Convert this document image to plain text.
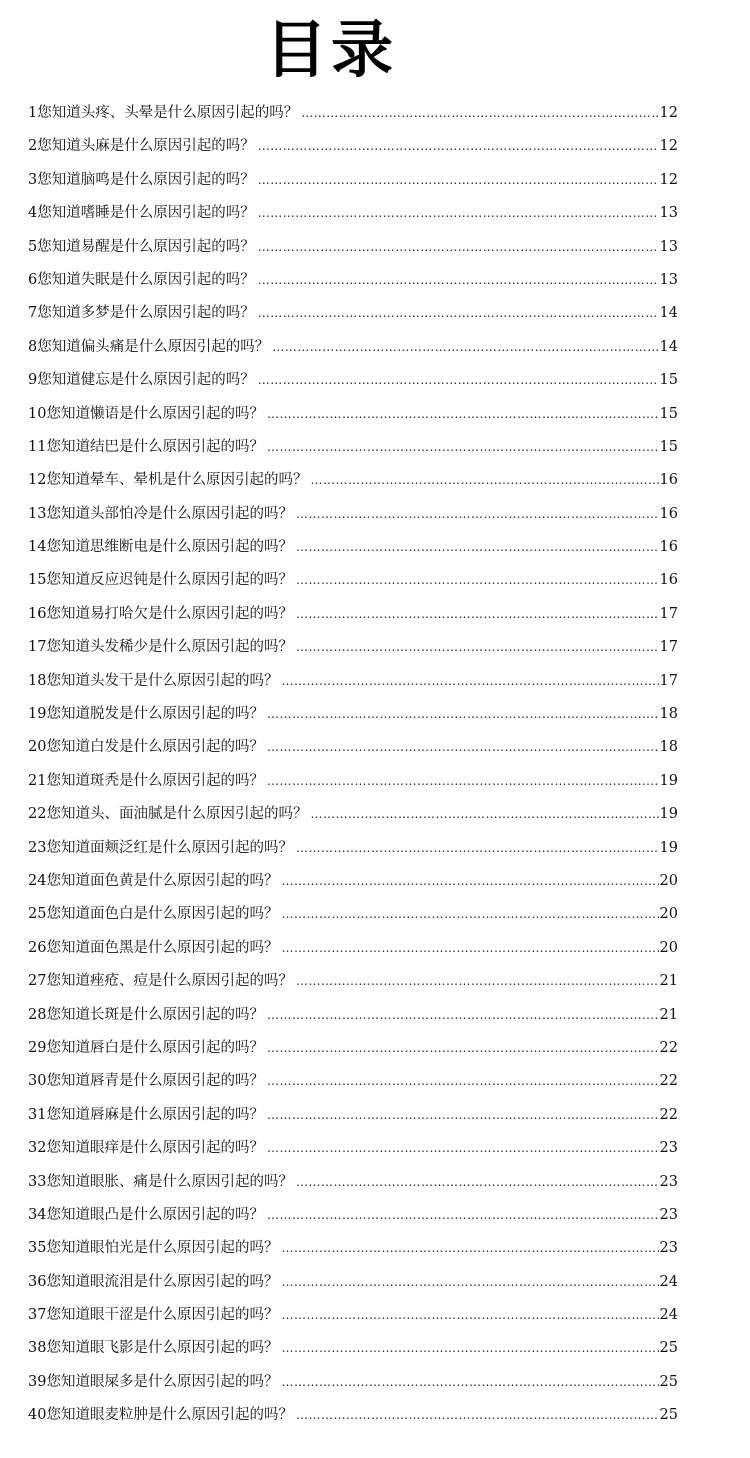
目录
1您知道头疼、头晕是什么原因引起的吗？ …………………………………………………………………………………………………………………………………………………………………………………………………………	12
2您知道头麻是什么原因引起的吗？ …………………………………………………………………………………………………………………………………………………………………………………………………………	12
3您知道脑鸣是什么原因引起的吗？ …………………………………………………………………………………………………………………………………………………………………………………………………………	12
4您知道嗜睡是什么原因引起的吗？ …………………………………………………………………………………………………………………………………………………………………………………………………………	13
5您知道易醒是什么原因引起的吗？ …………………………………………………………………………………………………………………………………………………………………………………………………………	13
6您知道失眠是什么原因引起的吗？ …………………………………………………………………………………………………………………………………………………………………………………………………………	13
7您知道多梦是什么原因引起的吗？ …………………………………………………………………………………………………………………………………………………………………………………………………………	14
8您知道偏头痛是什么原因引起的吗？ …………………………………………………………………………………………………………………………………………………………………………………………………………	14
9您知道健忘是什么原因引起的吗？ …………………………………………………………………………………………………………………………………………………………………………………………………………	15
10您知道懒语是什么原因引起的吗？ …………………………………………………………………………………………………………………………………………………………………………………………………………	15
11您知道结巴是什么原因引起的吗？ …………………………………………………………………………………………………………………………………………………………………………………………………………	15
12您知道晕车、晕机是什么原因引起的吗？ …………………………………………………………………………………………………………………………………………………………………………………………………………	16
13您知道头部怕冷是什么原因引起的吗？ …………………………………………………………………………………………………………………………………………………………………………………………………………	16
14您知道思维断电是什么原因引起的吗？ …………………………………………………………………………………………………………………………………………………………………………………………………………	16
15您知道反应迟钝是什么原因引起的吗？ …………………………………………………………………………………………………………………………………………………………………………………………………………	16
16您知道易打哈欠是什么原因引起的吗？ …………………………………………………………………………………………………………………………………………………………………………………………………………	17
17您知道头发稀少是什么原因引起的吗？ …………………………………………………………………………………………………………………………………………………………………………………………………………	17
18您知道头发干是什么原因引起的吗？ …………………………………………………………………………………………………………………………………………………………………………………………………………	17
19您知道脱发是什么原因引起的吗？ …………………………………………………………………………………………………………………………………………………………………………………………………………	18
20您知道白发是什么原因引起的吗？ …………………………………………………………………………………………………………………………………………………………………………………………………………	18
21您知道斑秃是什么原因引起的吗？ …………………………………………………………………………………………………………………………………………………………………………………………………………	19
22您知道头、面油腻是什么原因引起的吗？ …………………………………………………………………………………………………………………………………………………………………………………………………………	19
23您知道面颊泛红是什么原因引起的吗？ …………………………………………………………………………………………………………………………………………………………………………………………………………	19
24您知道面色黄是什么原因引起的吗？ …………………………………………………………………………………………………………………………………………………………………………………………………………	20
25您知道面色白是什么原因引起的吗？ …………………………………………………………………………………………………………………………………………………………………………………………………………	20
26您知道面色黑是什么原因引起的吗？ …………………………………………………………………………………………………………………………………………………………………………………………………………	20
27您知道痤疮、痘是什么原因引起的吗？ …………………………………………………………………………………………………………………………………………………………………………………………………………	21
28您知道长斑是什么原因引起的吗？ …………………………………………………………………………………………………………………………………………………………………………………………………………	21
29您知道唇白是什么原因引起的吗？ …………………………………………………………………………………………………………………………………………………………………………………………………………	22
30您知道唇青是什么原因引起的吗？ …………………………………………………………………………………………………………………………………………………………………………………………………………	22
31您知道唇麻是什么原因引起的吗？ …………………………………………………………………………………………………………………………………………………………………………………………………………	22
32您知道眼痒是什么原因引起的吗？ …………………………………………………………………………………………………………………………………………………………………………………………………………	23
33您知道眼胀、痛是什么原因引起的吗？ …………………………………………………………………………………………………………………………………………………………………………………………………………	23
34您知道眼凸是什么原因引起的吗？ …………………………………………………………………………………………………………………………………………………………………………………………………………	23
35您知道眼怕光是什么原因引起的吗？ …………………………………………………………………………………………………………………………………………………………………………………………………………	23
36您知道眼流泪是什么原因引起的吗？ …………………………………………………………………………………………………………………………………………………………………………………………………………	24
37您知道眼干涩是什么原因引起的吗？ …………………………………………………………………………………………………………………………………………………………………………………………………………	24
38您知道眼飞影是什么原因引起的吗？ …………………………………………………………………………………………………………………………………………………………………………………………………………	25
39您知道眼屎多是什么原因引起的吗？ …………………………………………………………………………………………………………………………………………………………………………………………………………	25
40您知道眼麦粒肿是什么原因引起的吗？ …………………………………………………………………………………………………………………………………………………………………………………………………………	25
